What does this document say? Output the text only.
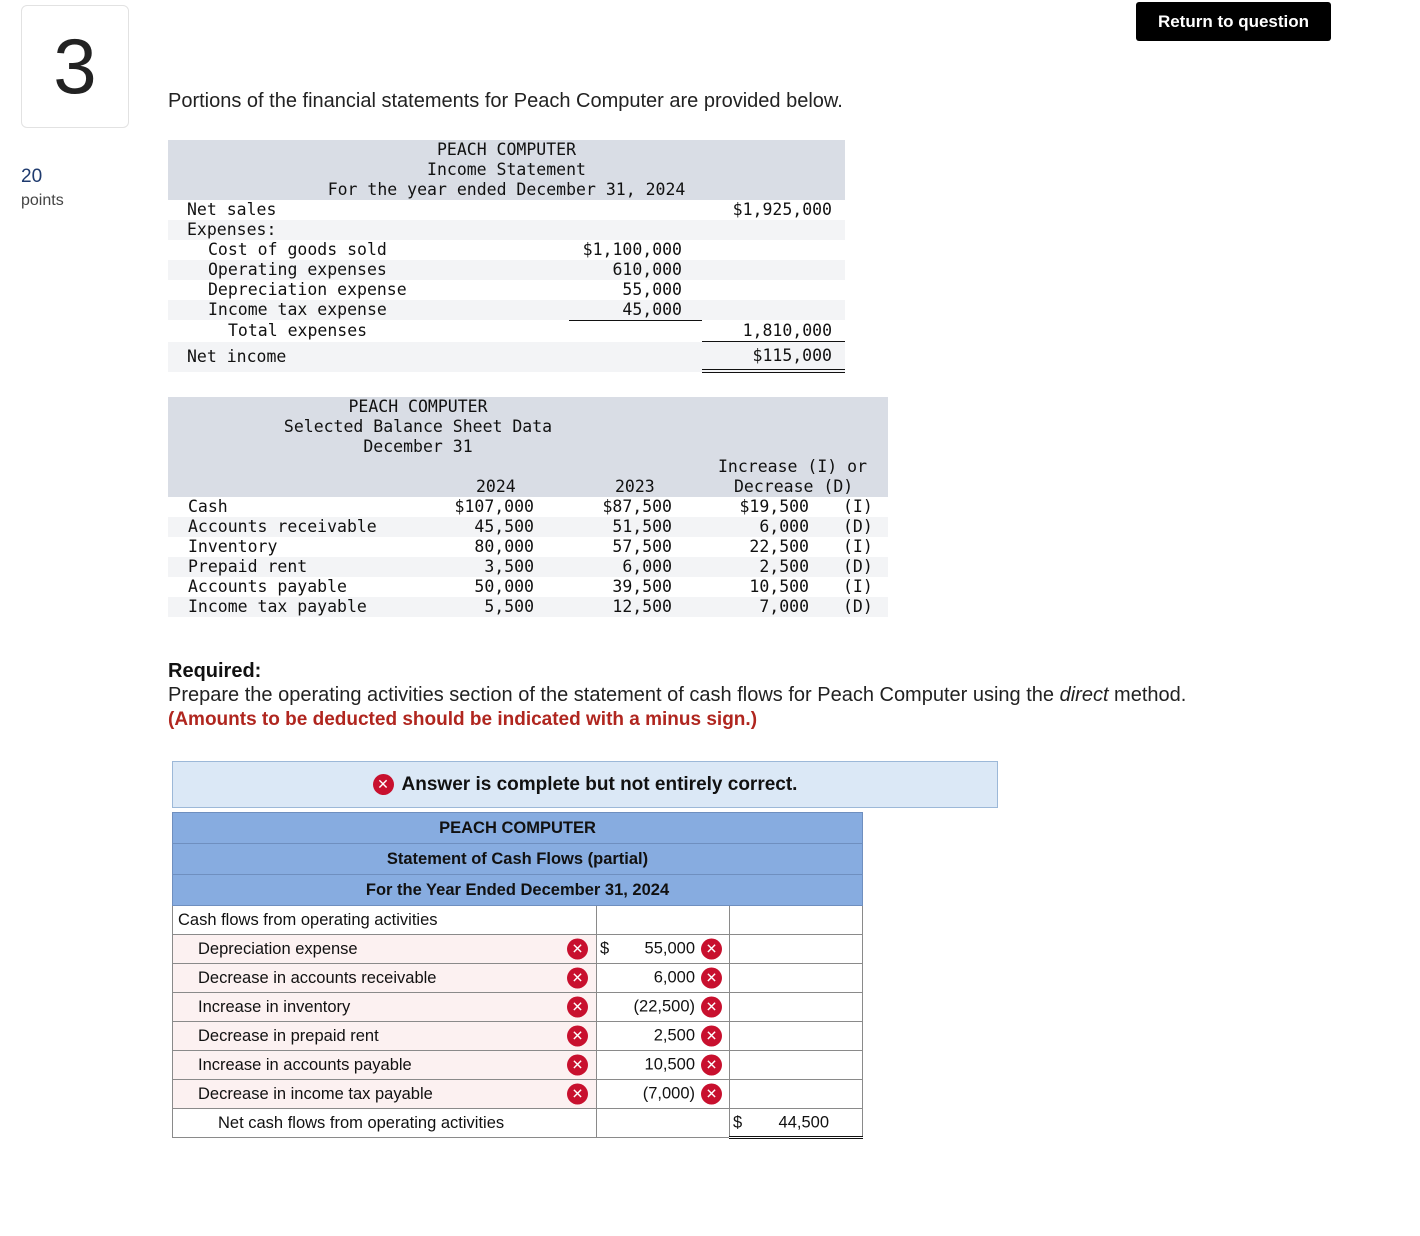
3
20
points
Return to question
Portions of the financial statements for Peach Computer are provided below.
PEACH COMPUTER
Income Statement
For the year ended December 31, 2024
Net sales	$1,925,000
Expenses:
Cost of goods sold	$1,100,000
Operating expenses	610,000
Depreciation expense	55,000
Income tax expense	45,000
Total expenses	1,810,000
Net income	$115,000
PEACH COMPUTER
Selected Balance Sheet Data
December 31
Increase (I) or
Decrease (D)
2024	2023
Cash	$107,000	$87,500	$19,500 (I)
Accounts receivable	45,500	51,500	6,000 (D)
Inventory	80,000	57,500	22,500 (I)
Prepaid rent	3,500	6,000	2,500 (D)
Accounts payable	50,000	39,500	10,500 (I)
Income tax payable	5,500	12,500	7,000 (D)
Required:
Prepare the operating activities section of the statement of cash flows for Peach Computer using the direct method.
(Amounts to be deducted should be indicated with a minus sign.)
✕ Answer is complete but not entirely correct.
PEACH COMPUTER		
Statement of Cash Flows (partial)		
For the Year Ended December 31, 2024		
Cash flows from operating activities		
Depreciation expense	✕ $ 55,000 ✕	

Decrease in accounts receivable	✕ 6,000 ✕	

Increase in inventory	✕ (22,500) ✕	

Decrease in prepaid rent	✕ 2,500 ✕	

Increase in accounts payable	✕ 10,500 ✕	

Decrease in income tax payable	✕ (7,000) ✕	

Net cash flows from operating activities		$ 44,500
